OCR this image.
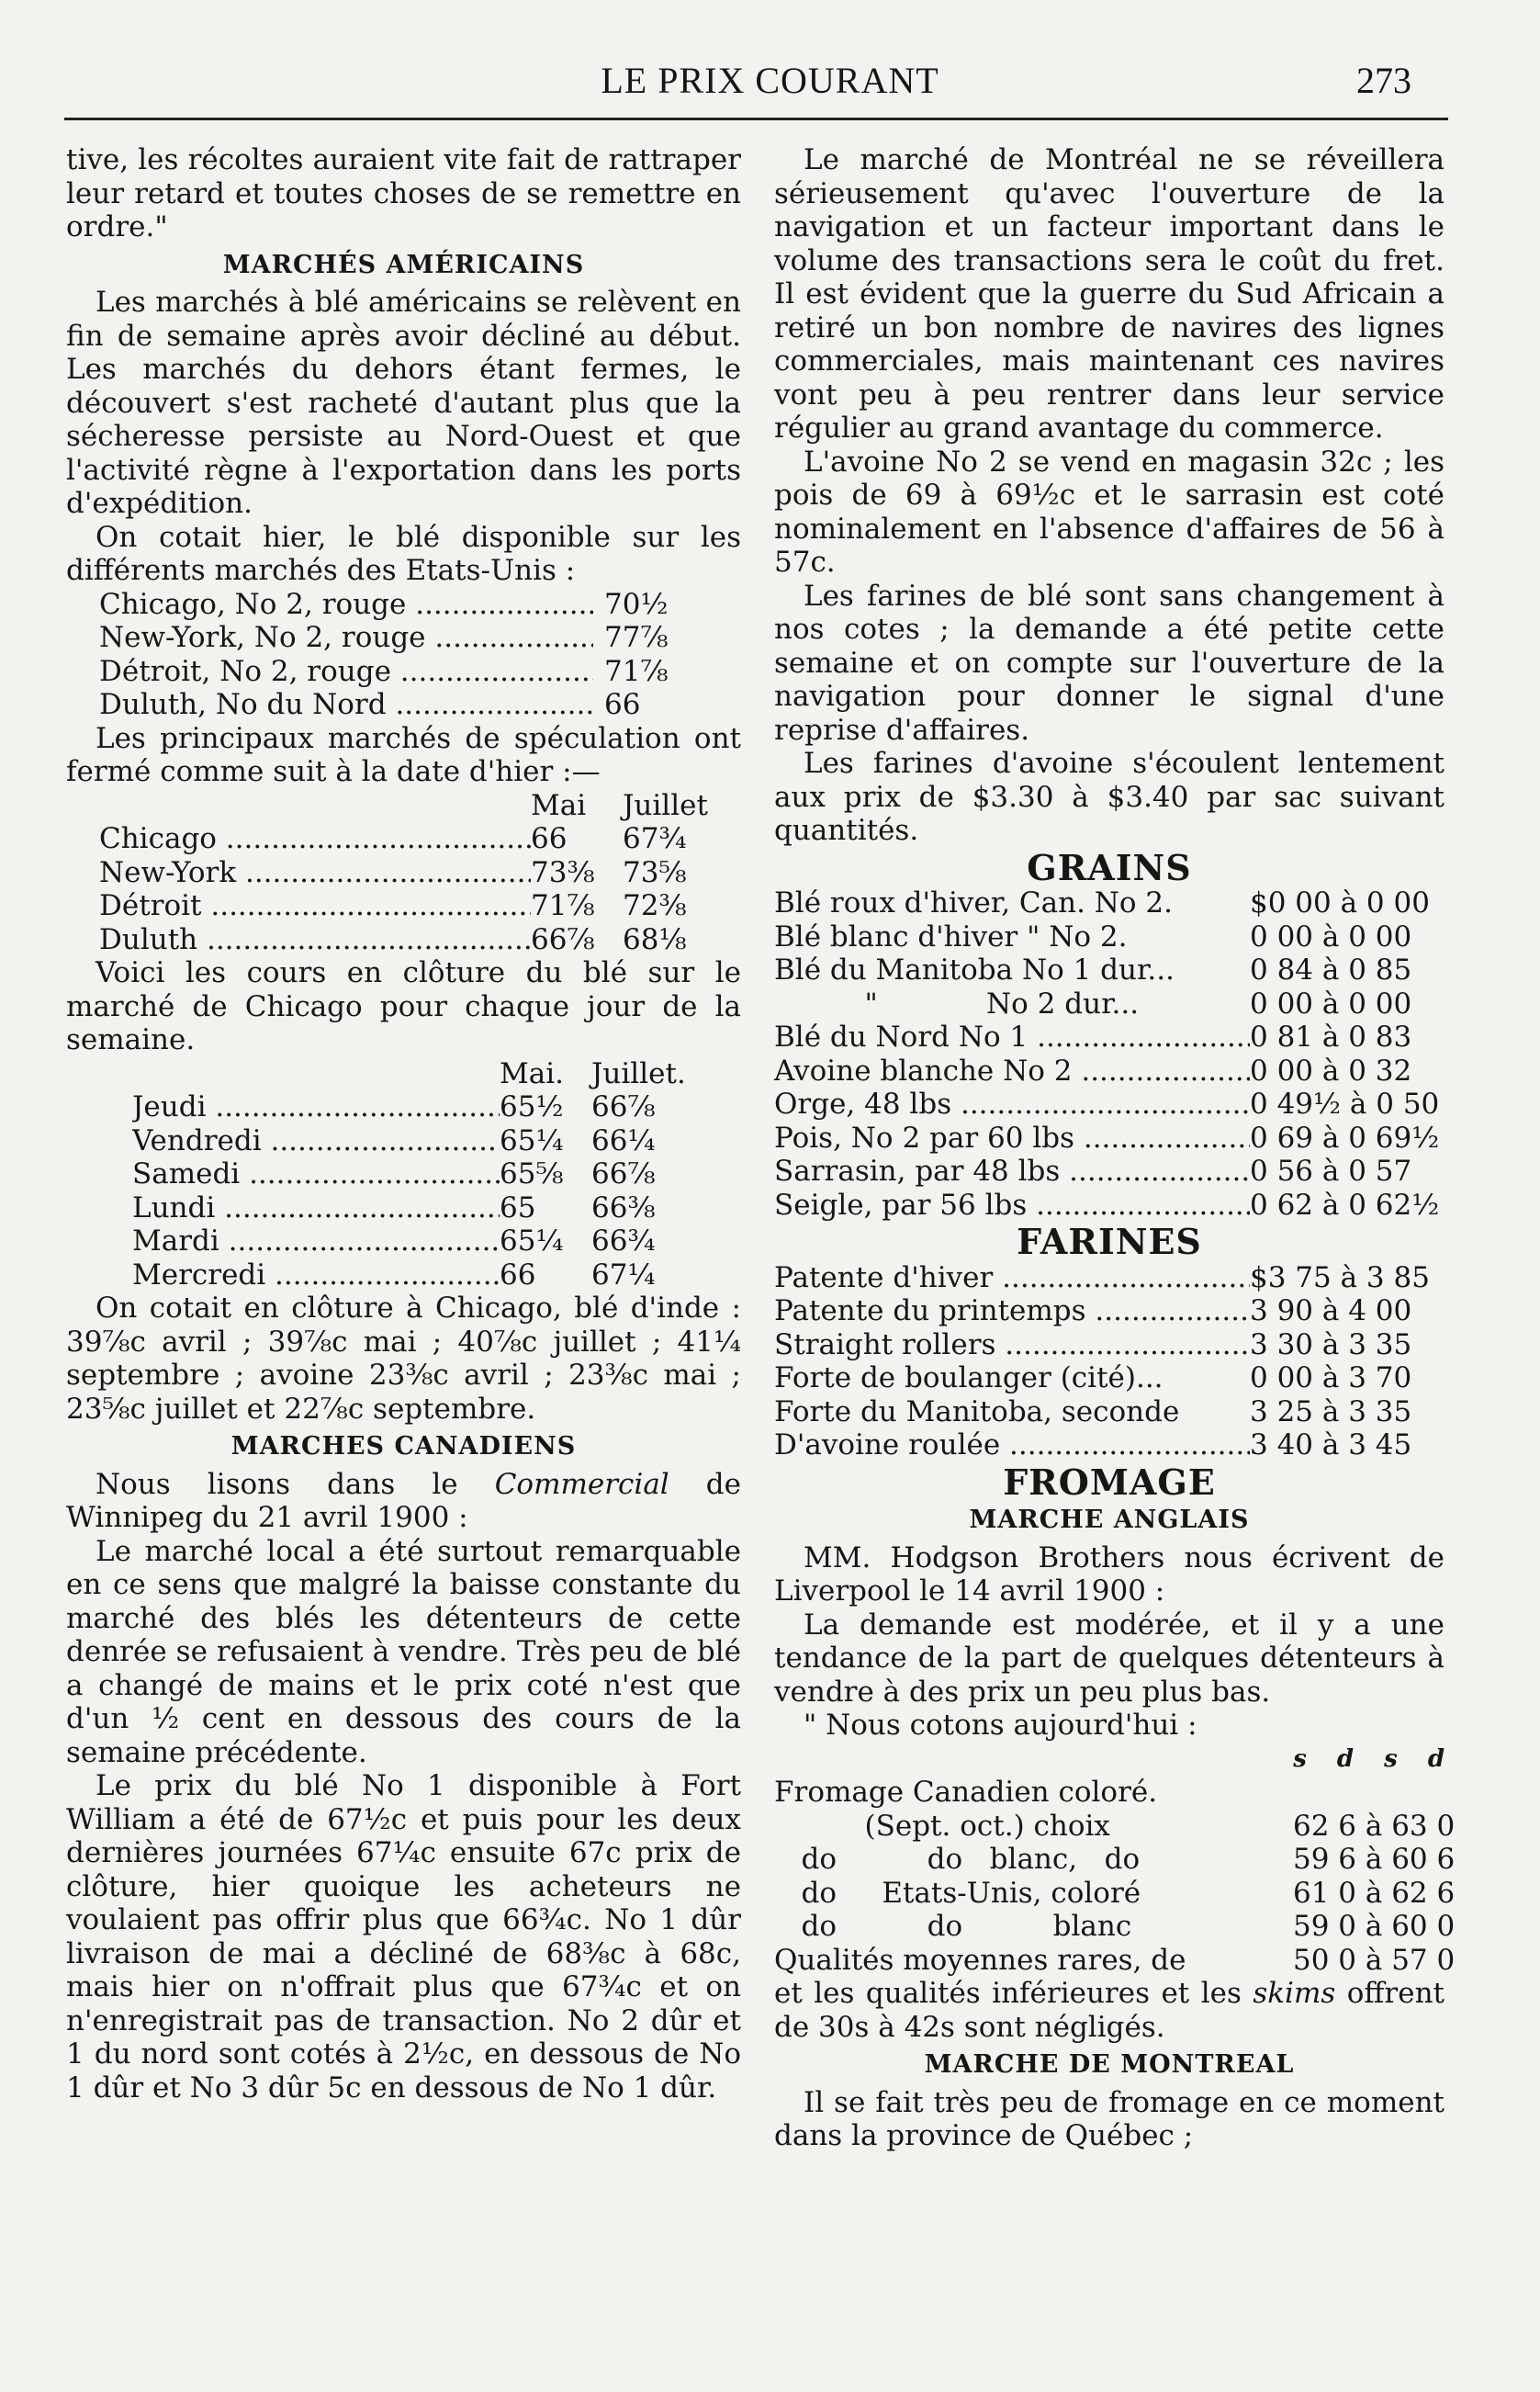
LE PRIX COURANT	273

tive, les récoltes auraient vite fait de rattraper leur retard et toutes choses de se remettre en ordre."

MARCHÉS AMÉRICAINS

Les marchés à blé américains se relèvent en fin de semaine après avoir décliné au début. Les marchés du dehors étant fermes, le découvert s'est racheté d'autant plus que la sécheresse persiste au Nord-Ouest et que l'activité règne à l'exportation dans les ports d'expédition.

On cotait hier, le blé disponible sur les différents marchés des Etats-Unis :

Chicago, No 2, rouge .....	70½
New-York, No 2, rouge .....	77⅞
Détroit, No 2, rouge .....	71⅞
Duluth, No du Nord .....	66

Les principaux marchés de spéculation ont fermé comme suit à la date d'hier :—

Mai	Juillet
Chicago .....	66	67¾
New-York .....	73⅜ 73⅝
Détroit .....	71⅞ 72⅜
Duluth .....	66⅞ 68⅛

Voici les cours en clôture du blé sur le marché de Chicago pour chaque jour de la semaine.

Mai. Juillet.
Jeudi .....	65½ 66⅞
Vendredi .....	65¼ 66¼
Samedi .....	65⅝ 66⅞
Lundi .....	65	66⅜
Mardi .....	65¼ 66¾
Mercredi .....	66	67¼

On cotait en clôture à Chicago, blé d'inde : 39⅞c avril ; 39⅞c mai ; 40⅞c juillet ; 41¼ septembre ; avoine 23⅜c avril ; 23⅜c mai ; 23⅝c juillet et 22⅞c septembre.

MARCHES CANADIENS

Nous lisons dans le Commercial de Winnipeg du 21 avril 1900 :

Le marché local a été surtout remarquable en ce sens que malgré la baisse constante du marché des blés les détenteurs de cette denrée se refusaient à vendre. Très peu de blé a changé de mains et le prix coté n'est que d'un ½ cent en dessous des cours de la semaine précédente.

Le prix du blé No 1 disponible à Fort William a été de 67½c et puis pour les deux dernières journées 67¼c ensuite 67c prix de clôture, hier quoique les acheteurs ne voulaient pas offrir plus que 66¾c. No 1 dûr livraison de mai a décliné de 68⅜c à 68c, mais hier on n'offrait plus que 67¾c et on n'enregistrait pas de transaction. No 2 dûr et 1 du nord sont cotés à 2½c, en dessous de No 1 dûr et No 3 dûr 5c en dessous de No 1 dûr.

Le marché de Montréal ne se réveillera sérieusement qu'avec l'ouverture de la navigation et un facteur important dans le volume des transactions sera le coût du fret. Il est évident que la guerre du Sud Africain a retiré un bon nombre de navires des lignes commerciales, mais maintenant ces navires vont peu à peu rentrer dans leur service régulier au grand avantage du commerce.

L'avoine No 2 se vend en magasin 32c ; les pois de 69 à 69½c et le sarrasin est coté nominalement en l'absence d'affaires de 56 à 57c.

Les farines de blé sont sans changement à nos cotes ; la demande a été petite cette semaine et on compte sur l'ouverture de la navigation pour donner le signal d'une reprise d'affaires.

Les farines d'avoine s'écoulent lentement aux prix de $3.30 à $3.40 par sac suivant quantités.

GRAINS
Blé roux d'hiver, Can. No 2.	$0 00 à 0 00
Blé blanc d'hiver " No 2.	0 00 à 0 00
Blé du Manitoba No 1 dur...	0 84 à 0 85
"            No 2 dur...	0 00 à 0 00
Blé du Nord No 1 .....	0 81 à 0 83
Avoine blanche No 2 .....	0 00 à 0 32
Orge, 48 lbs .....	0 49½ à 0 50
Pois, No 2 par 60 lbs .....	0 69 à 0 69½
Sarrasin, par 48 lbs .....	0 56 à 0 57
Seigle, par 56 lbs .....	0 62 à 0 62½
FARINES
Patente d'hiver .....	$3 75 à 3 85
Patente du printemps .....	3 90 à 4 00
Straight rollers .....	3 30 à 3 35
Forte de boulanger (cité)...	0 00 à 3 70
Forte du Manitoba, seconde	3 25 à 3 35
D'avoine roulée .....	3 40 à 3 45
FROMAGE
MARCHE ANGLAIS

MM. Hodgson Brothers nous écrivent de Liverpool le 14 avril 1900 :

La demande est modérée, et il y a une tendance de la part de quelques détenteurs à vendre à des prix un peu plus bas.

" Nous cotons aujourd'hui :

s d s d
Fromage Canadien coloré.
(Sept. oct.) choix	62 6 à 63 0
do          do   blanc,   do	59 6 à 60 6
do     Etats-Unis, coloré	61 0 à 62 6
do          do          blanc	59 0 à 60 0
Qualités moyennes rares, de	50 0 à 57 0

et les qualités inférieures et les skims offrent de 30s à 42s sont négligés.

MARCHE DE MONTREAL

Il se fait très peu de fromage en ce moment dans la province de Québec ;
